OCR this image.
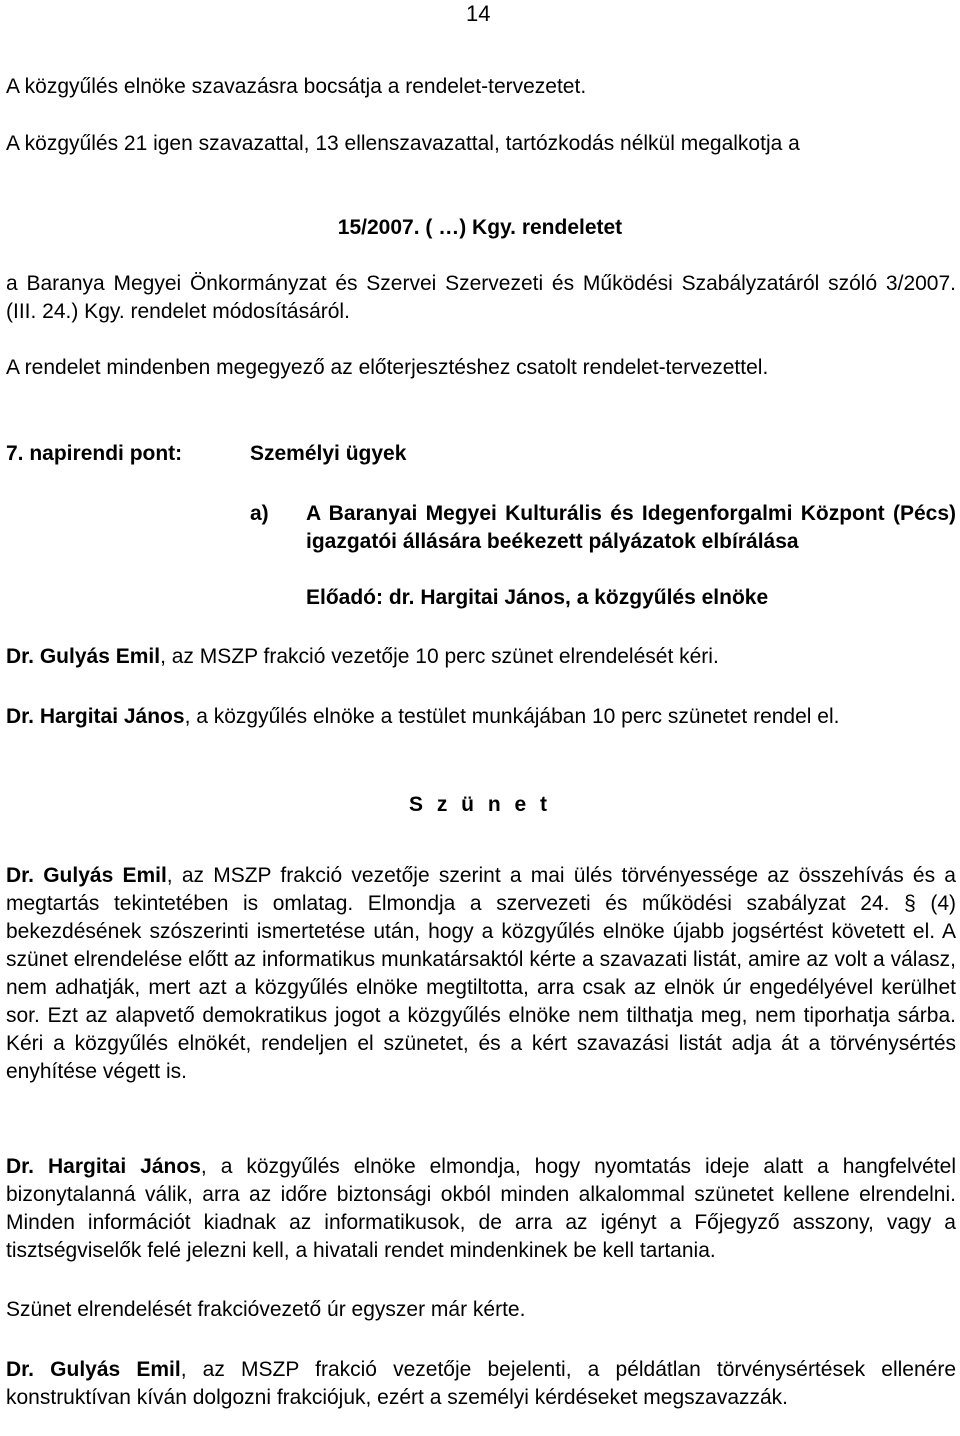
14

A közgyűlés elnöke szavazásra bocsátja a rendelet-tervezetet.

A közgyűlés 21 igen szavazattal, 13 ellenszavazattal, tartózkodás nélkül megalkotja a

15/2007. ( …) Kgy. rendeletet

a Baranya Megyei Önkormányzat és Szervei Szervezeti és Működési Szabályzatáról szóló 3/2007. (III. 24.) Kgy. rendelet módosításáról.

A rendelet mindenben megegyező az előterjesztéshez csatolt rendelet-tervezettel.

7. napirendi pont:	Személyi ügyek
a) A Baranyai Megyei Kulturális és Idegenforgalmi Központ (Pécs) igazgatói állására beékezett pályázatok elbírálása
Előadó: dr. Hargitai János, a közgyűlés elnöke

Dr. Gulyás Emil, az MSZP frakció vezetője 10 perc szünet elrendelését kéri.

Dr. Hargitai János, a közgyűlés elnöke a testület munkájában 10 perc szünetet rendel el.

S z ü n e t

Dr. Gulyás Emil, az MSZP frakció vezetője szerint a mai ülés törvényessége az összehívás és a megtartás tekintetében is omlatag. Elmondja a szervezeti és működési szabályzat 24. § (4) bekezdésének szószerinti ismertetése után, hogy a közgyűlés elnöke újabb jogsértést követett el. A szünet elrendelése előtt az informatikus munkatársaktól kérte a szavazati listát, amire az volt a válasz, nem adhatják, mert azt a közgyűlés elnöke megtiltotta, arra csak az elnök úr engedélyével kerülhet sor. Ezt az alapvető demokratikus jogot a közgyűlés elnöke nem tilthatja meg, nem tiporhatja sárba. Kéri a közgyűlés elnökét, rendeljen el szünetet, és a kért szavazási listát adja át a törvénysértés enyhítése végett is.

Dr. Hargitai János, a közgyűlés elnöke elmondja, hogy nyomtatás ideje alatt a hangfelvétel bizonytalanná válik, arra az időre biztonsági okból minden alkalommal szünetet kellene elrendelni. Minden információt kiadnak az informatikusok, de arra az igényt a Főjegyző asszony, vagy a tisztségviselők felé jelezni kell, a hivatali rendet mindenkinek be kell tartania.

Szünet elrendelését frakcióvezető úr egyszer már kérte.

Dr. Gulyás Emil, az MSZP frakció vezetője bejelenti, a példátlan törvénysértések ellenére konstruktívan kíván dolgozni frakciójuk, ezért a személyi kérdéseket megszavazzák.
